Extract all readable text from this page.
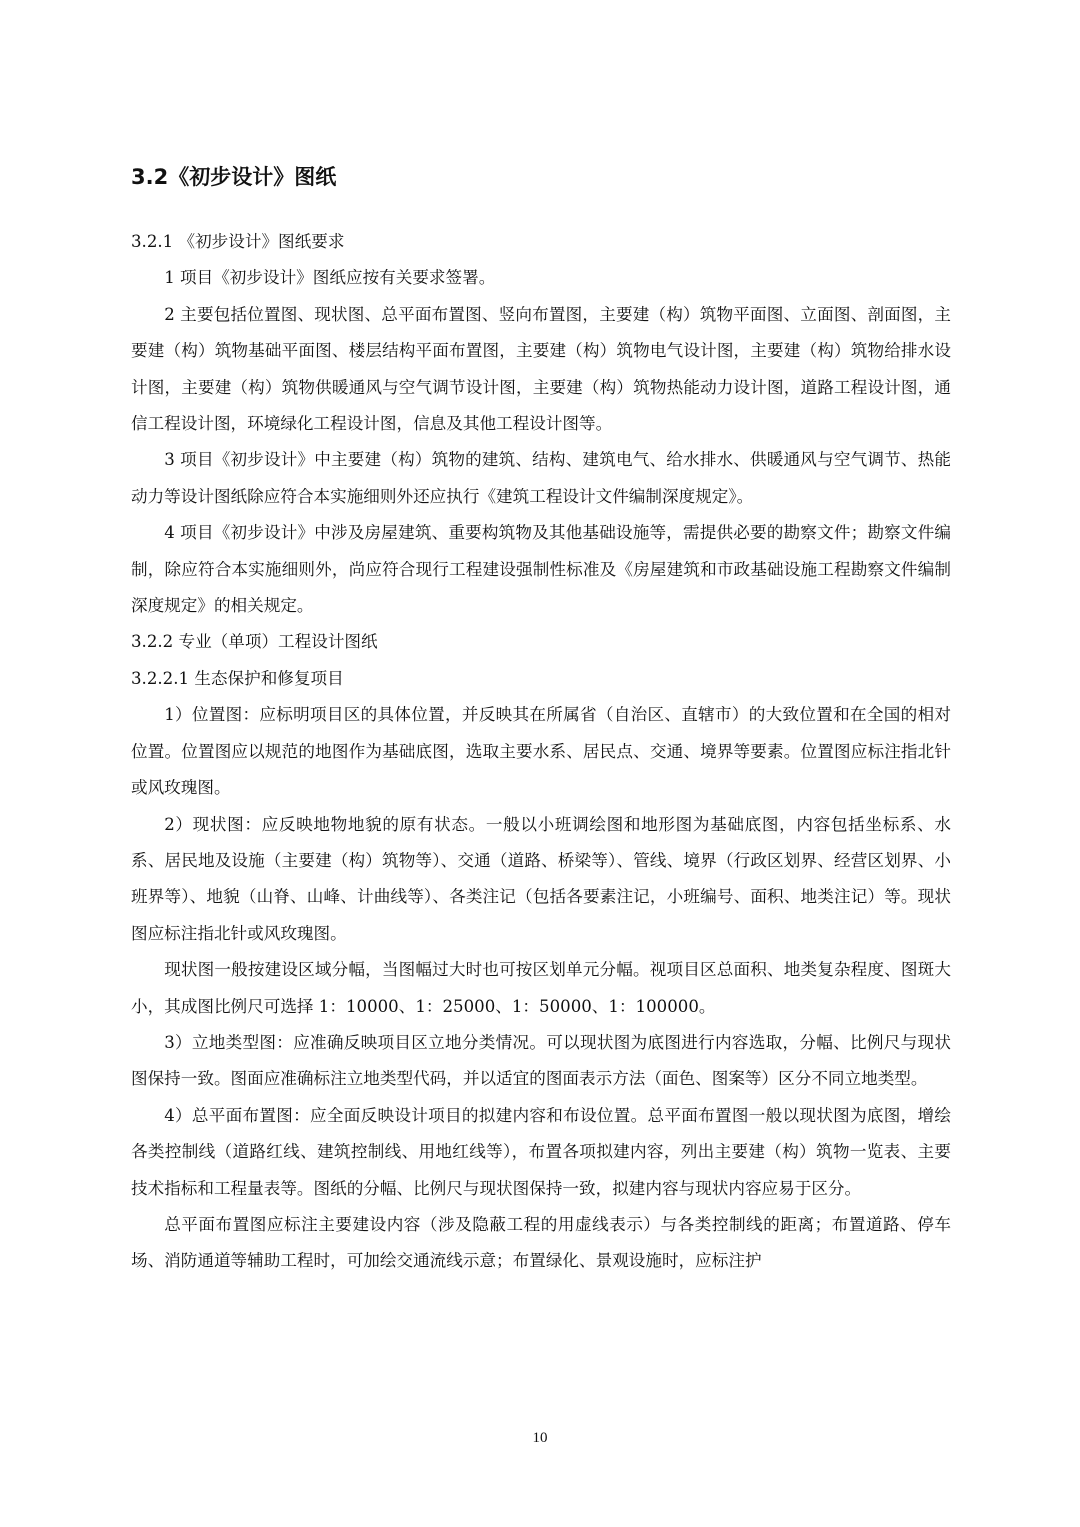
3.2《初步设计》图纸

3.2.1 《初步设计》图纸要求

1 项目《初步设计》图纸应按有关要求签署。

2 主要包括位置图、现状图、总平面布置图、竖向布置图，主要建（构）筑物平面图、立面图、剖面图，主要建（构）筑物基础平面图、楼层结构平面布置图，主要建（构）筑物电气设计图，主要建（构）筑物给排水设计图，主要建（构）筑物供暖通风与空气调节设计图，主要建（构）筑物热能动力设计图，道路工程设计图，通信工程设计图，环境绿化工程设计图，信息及其他工程设计图等。

3 项目《初步设计》中主要建（构）筑物的建筑、结构、建筑电气、给水排水、供暖通风与空气调节、热能动力等设计图纸除应符合本实施细则外还应执行《建筑工程设计文件编制深度规定》。

4 项目《初步设计》中涉及房屋建筑、重要构筑物及其他基础设施等，需提供必要的勘察文件；勘察文件编制，除应符合本实施细则外，尚应符合现行工程建设强制性标准及《房屋建筑和市政基础设施工程勘察文件编制深度规定》的相关规定。

3.2.2 专业（单项）工程设计图纸

3.2.2.1 生态保护和修复项目

1）位置图：应标明项目区的具体位置，并反映其在所属省（自治区、直辖市）的大致位置和在全国的相对位置。位置图应以规范的地图作为基础底图，选取主要水系、居民点、交通、境界等要素。位置图应标注指北针或风玫瑰图。

2）现状图：应反映地物地貌的原有状态。一般以小班调绘图和地形图为基础底图，内容包括坐标系、水系、居民地及设施（主要建（构）筑物等）、交通（道路、桥梁等）、管线、境界（行政区划界、经营区划界、小班界等）、地貌（山脊、山峰、计曲线等）、各类注记（包括各要素注记，小班编号、面积、地类注记）等。现状图应标注指北针或风玫瑰图。

现状图一般按建设区域分幅，当图幅过大时也可按区划单元分幅。视项目区总面积、地类复杂程度、图斑大小，其成图比例尺可选择 1：10000、1：25000、1：50000、1：100000。

3）立地类型图：应准确反映项目区立地分类情况。可以现状图为底图进行内容选取，分幅、比例尺与现状图保持一致。图面应准确标注立地类型代码，并以适宜的图面表示方法（面色、图案等）区分不同立地类型。

4）总平面布置图：应全面反映设计项目的拟建内容和布设位置。总平面布置图一般以现状图为底图，增绘各类控制线（道路红线、建筑控制线、用地红线等），布置各项拟建内容，列出主要建（构）筑物一览表、主要技术指标和工程量表等。图纸的分幅、比例尺与现状图保持一致，拟建内容与现状内容应易于区分。

总平面布置图应标注主要建设内容（涉及隐蔽工程的用虚线表示）与各类控制线的距离；布置道路、停车场、消防通道等辅助工程时，可加绘交通流线示意；布置绿化、景观设施时，应标注护

10
